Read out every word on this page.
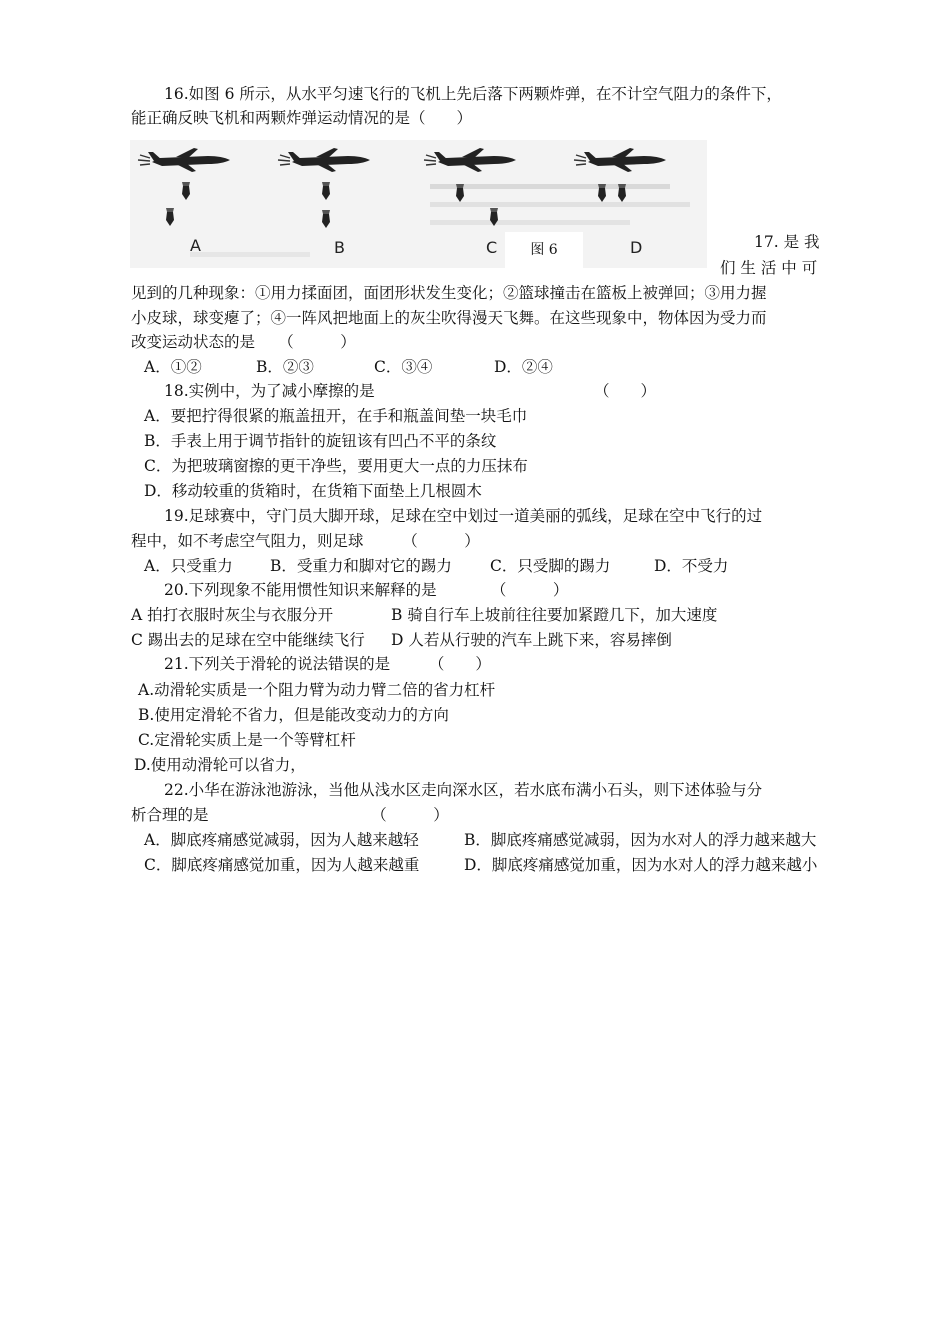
16.如图 6 所示，从水平匀速飞行的飞机上先后落下两颗炸弹，在不计空气阻力的条件下，
能正确反映飞机和两颗炸弹运动情况的是（　　）
A	B	图 6
C	D	17. 是 我
们 生 活 中 可
见到的几种现象：①用力揉面团，面团形状发生变化；②篮球撞击在篮板上被弹回；③用力握
小皮球，球变瘪了；④一阵风把地面上的灰尘吹得漫天飞舞。在这些现象中，物体因为受力而
改变运动状态的是　　（　　　）
A．①②	B．②③	C．③④	D．②④
18.实例中，为了减小摩擦的是	（　　）
A．要把拧得很紧的瓶盖扭开，在手和瓶盖间垫一块毛巾
B．手表上用于调节指针的旋钮该有凹凸不平的条纹
C．为把玻璃窗擦的更干净些，要用更大一点的力压抹布
D．移动较重的货箱时，在货箱下面垫上几根圆木
19.足球赛中，守门员大脚开球，足球在空中划过一道美丽的弧线，足球在空中飞行的过
程中，如不考虑空气阻力，则足球　　　（　　　）
A．只受重力 B．受重力和脚对它的踢力 C．只受脚的踢力	D．不受力
20.下列现象不能用惯性知识来解释的是　　　　（　　　）
A 拍打衣服时灰尘与衣服分开	B 骑自行车上坡前往往要加紧蹬几下，加大速度
C 踢出去的足球在空中能继续飞行 D 人若从行驶的汽车上跳下来，容易摔倒
21.下列关于滑轮的说法错误的是　　　（　　）
A.动滑轮实质是一个阻力臂为动力臂二倍的省力杠杆
B.使用定滑轮不省力，但是能改变动力的方向
C.定滑轮实质上是一个等臂杠杆
D.使用动滑轮可以省力，
22.小华在游泳池游泳，当他从浅水区走向深水区，若水底布满小石头，则下述体验与分
析合理的是　　　　　　　　　　　（　　　）
A．脚底疼痛感觉减弱，因为人越来越轻	B．脚底疼痛感觉减弱，因为水对人的浮力越来越大
C．脚底疼痛感觉加重，因为人越来越重	D．脚底疼痛感觉加重，因为水对人的浮力越来越小
